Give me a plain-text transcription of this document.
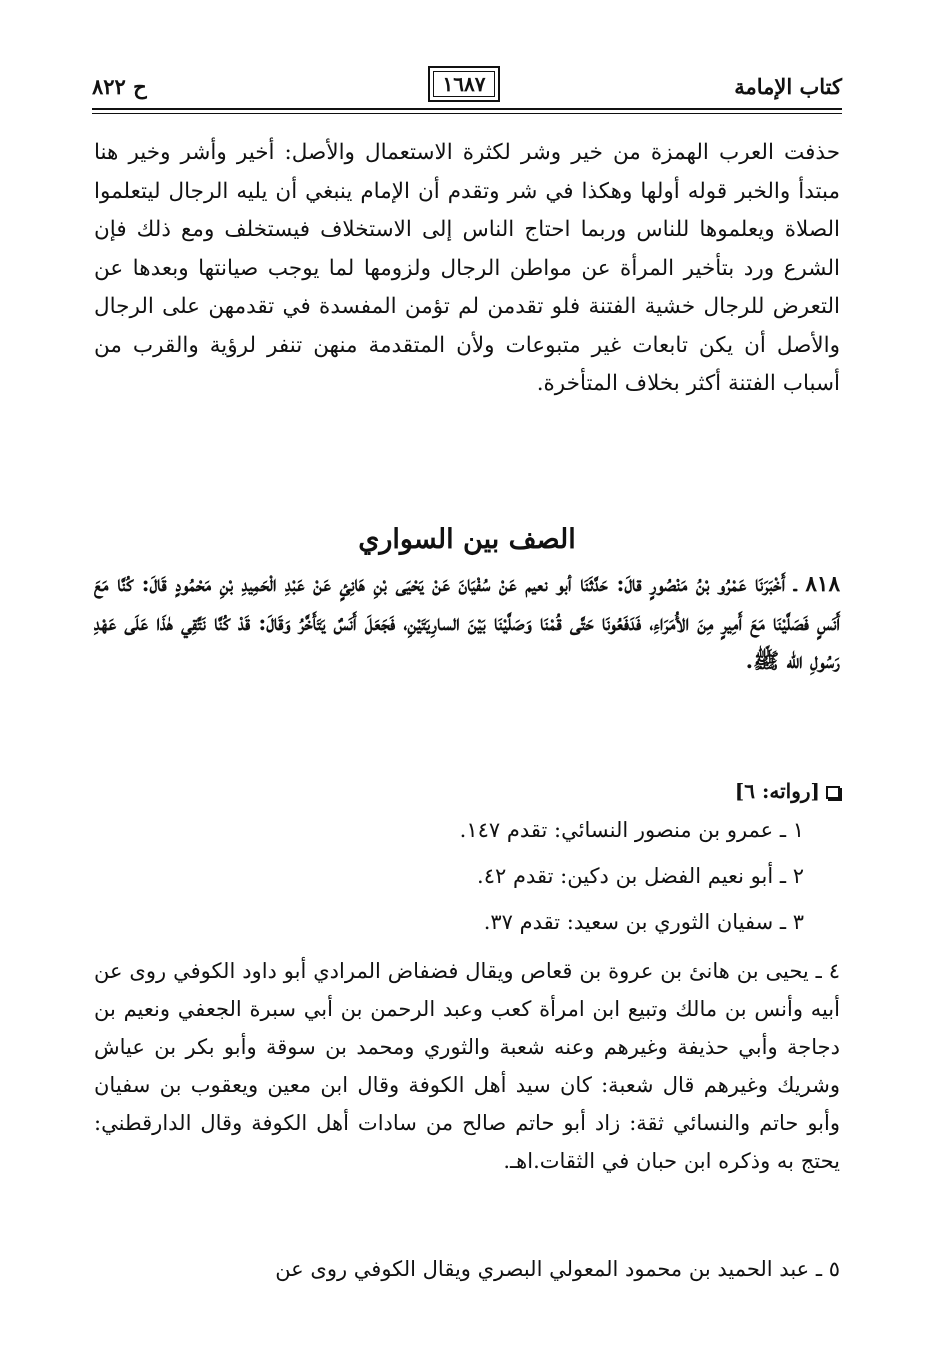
كتاب الإمامة
١٦٨٧
ح ٨٢٢
حذفت العرب الهمزة من خير وشر لكثرة الاستعمال والأصل: أخير وأشر وخير هنا مبتدأ والخبر قوله أولها وهكذا في شر وتقدم أن الإمام ينبغي أن يليه الرجال ليتعلموا الصلاة ويعلموها للناس وربما احتاج الناس إلى الاستخلاف فيستخلف ومع ذلك فإن الشرع ورد بتأخير المرأة عن مواطن الرجال ولزومها لما يوجب صيانتها وبعدها عن التعرض للرجال خشية الفتنة فلو تقدمن لم تؤمن المفسدة في تقدمهن على الرجال والأصل أن يكن تابعات غير متبوعات ولأن المتقدمة منهن تنفر لرؤية والقرب من أسباب الفتنة أكثر بخلاف المتأخرة.
الصف بين السواري
٨١٨ ـ أَخْبَرَنَا عَمْرُو بْنُ مَنْصُورٍ قالَ: حَدَّثَنَا أبو نعيم عَنْ سُفْيَانَ عَنْ يَحْيَى بْنِ هَانِئٍ عَنْ عَبْدِ الْحَمِيدِ بْنِ مَحْمُودٍ قَالَ: كُنَّا مَعَ أَنَسٍ فَصَلَّيْنَا مَعَ أَمِيرٍ مِنَ الأُمَرَاءِ، فَدَفَعُونَا حَتَّى قُمْنَا وَصَلَّيْنَا بَيْنَ السارِيَتَيْنِ، فَجَعَلَ أَنَسٌ يَتَأَخَّرُ وَقَالَ: قَدْ كُنَّا نَتَّقِي هٰذَا عَلَى عَهْدِ رَسُولِ الله ﷺ.
[رواته: ٦]
١ ـ عمرو بن منصور النسائي: تقدم ١٤٧.
٢ ـ أبو نعيم الفضل بن دكين: تقدم ٤٢.
٣ ـ سفيان الثوري بن سعيد: تقدم ٣٧.
٤ ـ يحيى بن هانئ بن عروة بن قعاص ويقال فضفاض المرادي أبو داود الكوفي روى عن أبيه وأنس بن مالك وتبيع ابن امرأة كعب وعبد الرحمن بن أبي سبرة الجعفي ونعيم بن دجاجة وأبي حذيفة وغيرهم وعنه شعبة والثوري ومحمد بن سوقة وأبو بكر بن عياش وشريك وغيرهم قال شعبة: كان سيد أهل الكوفة وقال ابن معين ويعقوب بن سفيان وأبو حاتم والنسائي ثقة: زاد أبو حاتم صالح من سادات أهل الكوفة وقال الدارقطني: يحتج به وذكره ابن حبان في الثقات.اهـ.
٥ ـ عبد الحميد بن محمود المعولي البصري ويقال الكوفي روى عن
